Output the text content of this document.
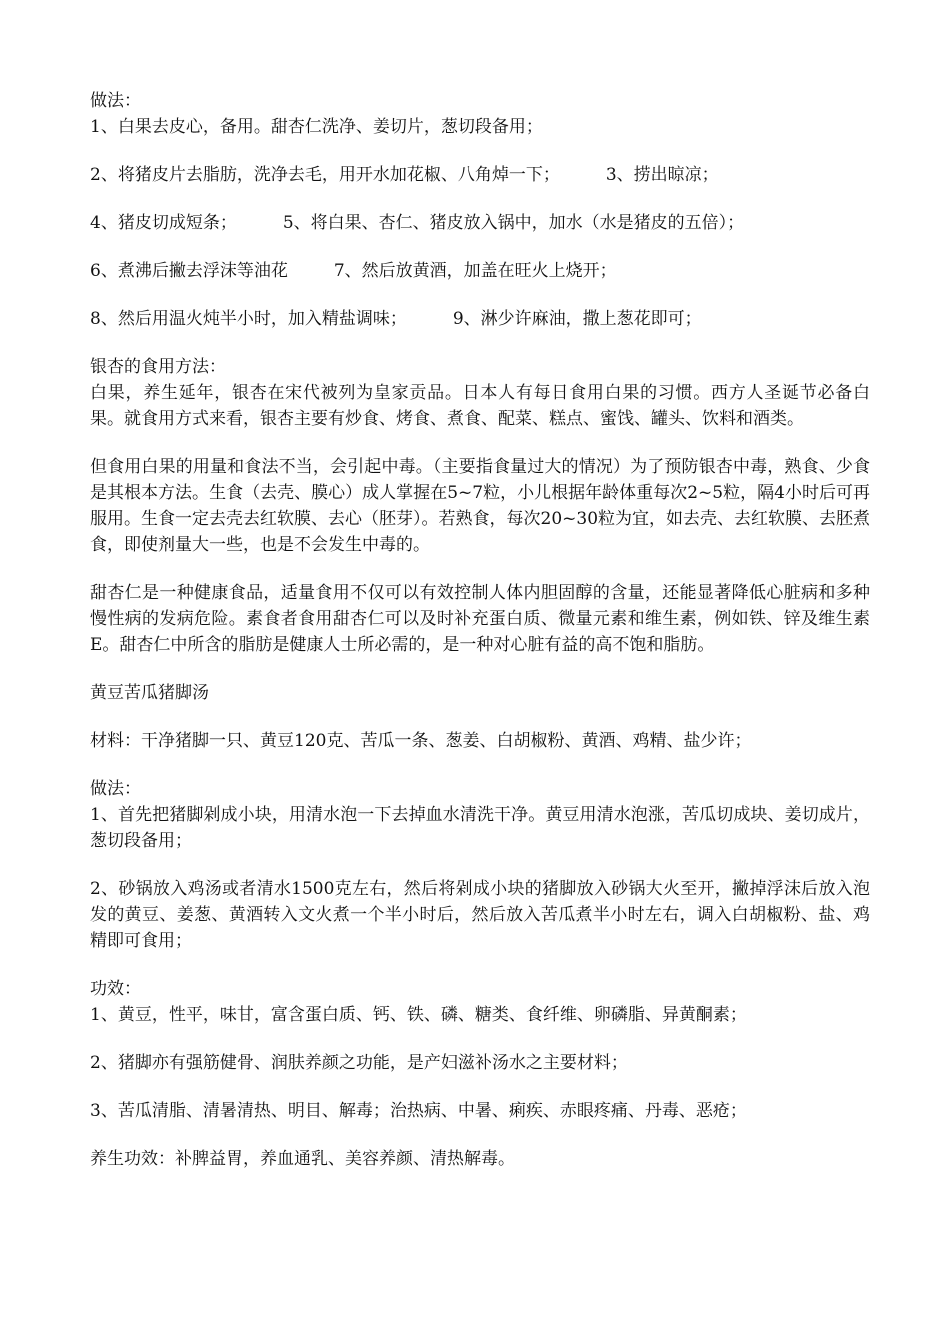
做法：
1、白果去皮心，备用。甜杏仁洗净、姜切片，葱切段备用；
2、将猪皮片去脂肪，洗净去毛，用开水加花椒、八角焯一下；	3、捞出晾凉；
4、猪皮切成短条；	5、将白果、杏仁、猪皮放入锅中，加水（水是猪皮的五倍）；
6、煮沸后撇去浮沫等油花	7、然后放黄酒，加盖在旺火上烧开；
8、然后用温火炖半小时，加入精盐调味；	9、淋少许麻油，撒上葱花即可；
银杏的食用方法：
白果，养生延年，银杏在宋代被列为皇家贡品。日本人有每日食用白果的习惯。西方人圣诞节必备白果。就食用方式来看，银杏主要有炒食、烤食、煮食、配菜、糕点、蜜饯、罐头、饮料和酒类。
但食用白果的用量和食法不当，会引起中毒。（主要指食量过大的情况）为了预防银杏中毒，熟食、少食是其根本方法。生食（去壳、膜心）成人掌握在5~7粒，小儿根据年龄体重每次2~5粒，隔4小时后可再服用。生食一定去壳去红软膜、去心（胚芽）。若熟食，每次20~30粒为宜，如去壳、去红软膜、去胚煮食，即使剂量大一些，也是不会发生中毒的。
甜杏仁是一种健康食品，适量食用不仅可以有效控制人体内胆固醇的含量，还能显著降低心脏病和多种慢性病的发病危险。素食者食用甜杏仁可以及时补充蛋白质、微量元素和维生素，例如铁、锌及维生素 E。甜杏仁中所含的脂肪是健康人士所必需的，是一种对心脏有益的高不饱和脂肪。
黄豆苦瓜猪脚汤
材料：干净猪脚一只、黄豆120克、苦瓜一条、葱姜、白胡椒粉、黄酒、鸡精、盐少许；
做法：
1、首先把猪脚剁成小块，用清水泡一下去掉血水清洗干净。黄豆用清水泡涨，苦瓜切成块、姜切成片，葱切段备用；
2、砂锅放入鸡汤或者清水1500克左右，然后将剁成小块的猪脚放入砂锅大火至开，撇掉浮沫后放入泡发的黄豆、姜葱、黄酒转入文火煮一个半小时后，然后放入苦瓜煮半小时左右，调入白胡椒粉、盐、鸡精即可食用；
功效：
1、黄豆，性平，味甘，富含蛋白质、钙、铁、磷、糖类、食纤维、卵磷脂、异黄酮素；
2、猪脚亦有强筋健骨、润肤养颜之功能，是产妇滋补汤水之主要材料；
3、苦瓜清脂、清暑清热、明目、解毒；治热病、中暑、痢疾、赤眼疼痛、丹毒、恶疮；
养生功效：补脾益胃，养血通乳、美容养颜、清热解毒。
